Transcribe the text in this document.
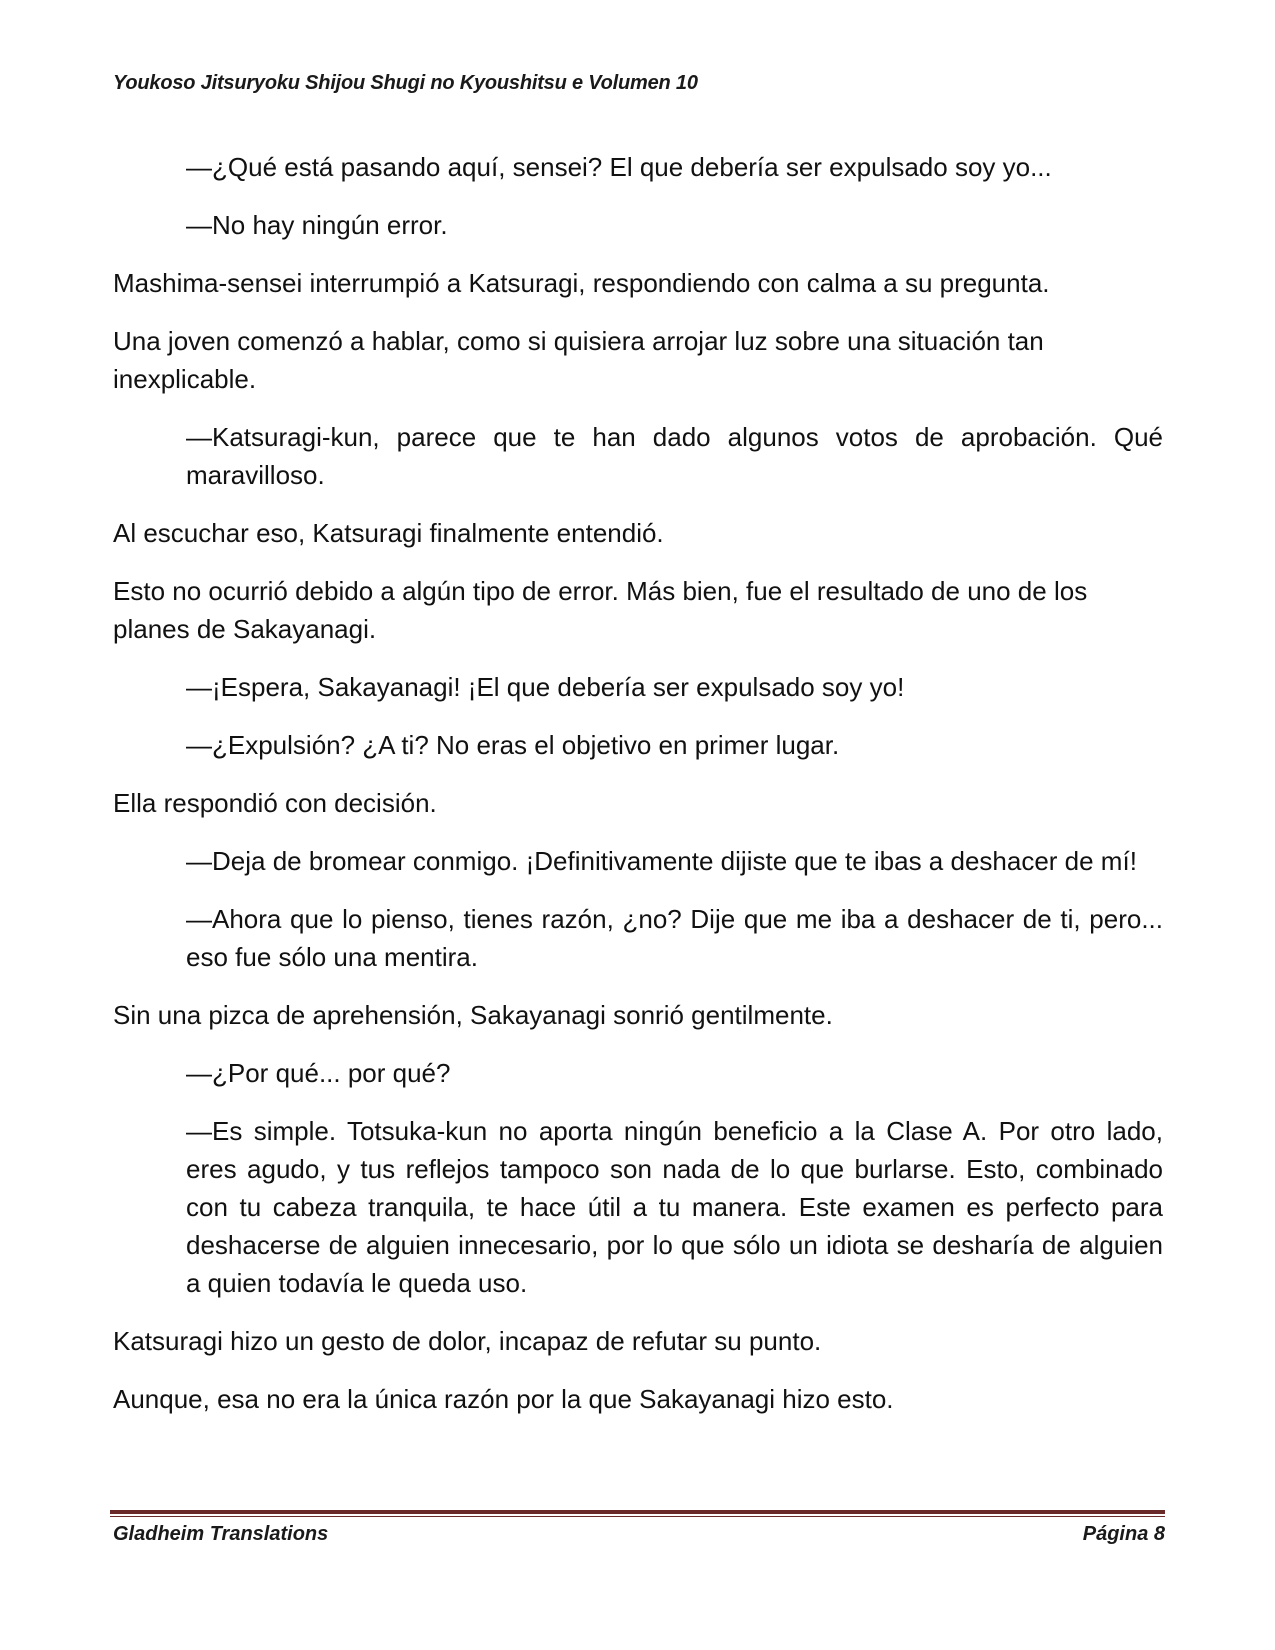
Youkoso Jitsuryoku Shijou Shugi no Kyoushitsu e Volumen 10

—¿Qué está pasando aquí, sensei? El que debería ser expulsado soy yo...

—No hay ningún error.

Mashima-sensei interrumpió a Katsuragi, respondiendo con calma a su pregunta.

Una joven comenzó a hablar, como si quisiera arrojar luz sobre una situación tan inexplicable.

—Katsuragi-kun, parece que te han dado algunos votos de aprobación. Qué maravilloso.

Al escuchar eso, Katsuragi finalmente entendió.

Esto no ocurrió debido a algún tipo de error. Más bien, fue el resultado de uno de los planes de Sakayanagi.

—¡Espera, Sakayanagi! ¡El que debería ser expulsado soy yo!

—¿Expulsión? ¿A ti? No eras el objetivo en primer lugar.

Ella respondió con decisión.

—Deja de bromear conmigo. ¡Definitivamente dijiste que te ibas a deshacer de mí!

—Ahora que lo pienso, tienes razón, ¿no? Dije que me iba a deshacer de ti, pero... eso fue sólo una mentira.

Sin una pizca de aprehensión, Sakayanagi sonrió gentilmente.

—¿Por qué... por qué?

—Es simple. Totsuka-kun no aporta ningún beneficio a la Clase A. Por otro lado, eres agudo, y tus reflejos tampoco son nada de lo que burlarse. Esto, combinado con tu cabeza tranquila, te hace útil a tu manera. Este examen es perfecto para deshacerse de alguien innecesario, por lo que sólo un idiota se desharía de alguien a quien todavía le queda uso.

Katsuragi hizo un gesto de dolor, incapaz de refutar su punto.

Aunque, esa no era la única razón por la que Sakayanagi hizo esto.

Gladheim Translations	Página 8
